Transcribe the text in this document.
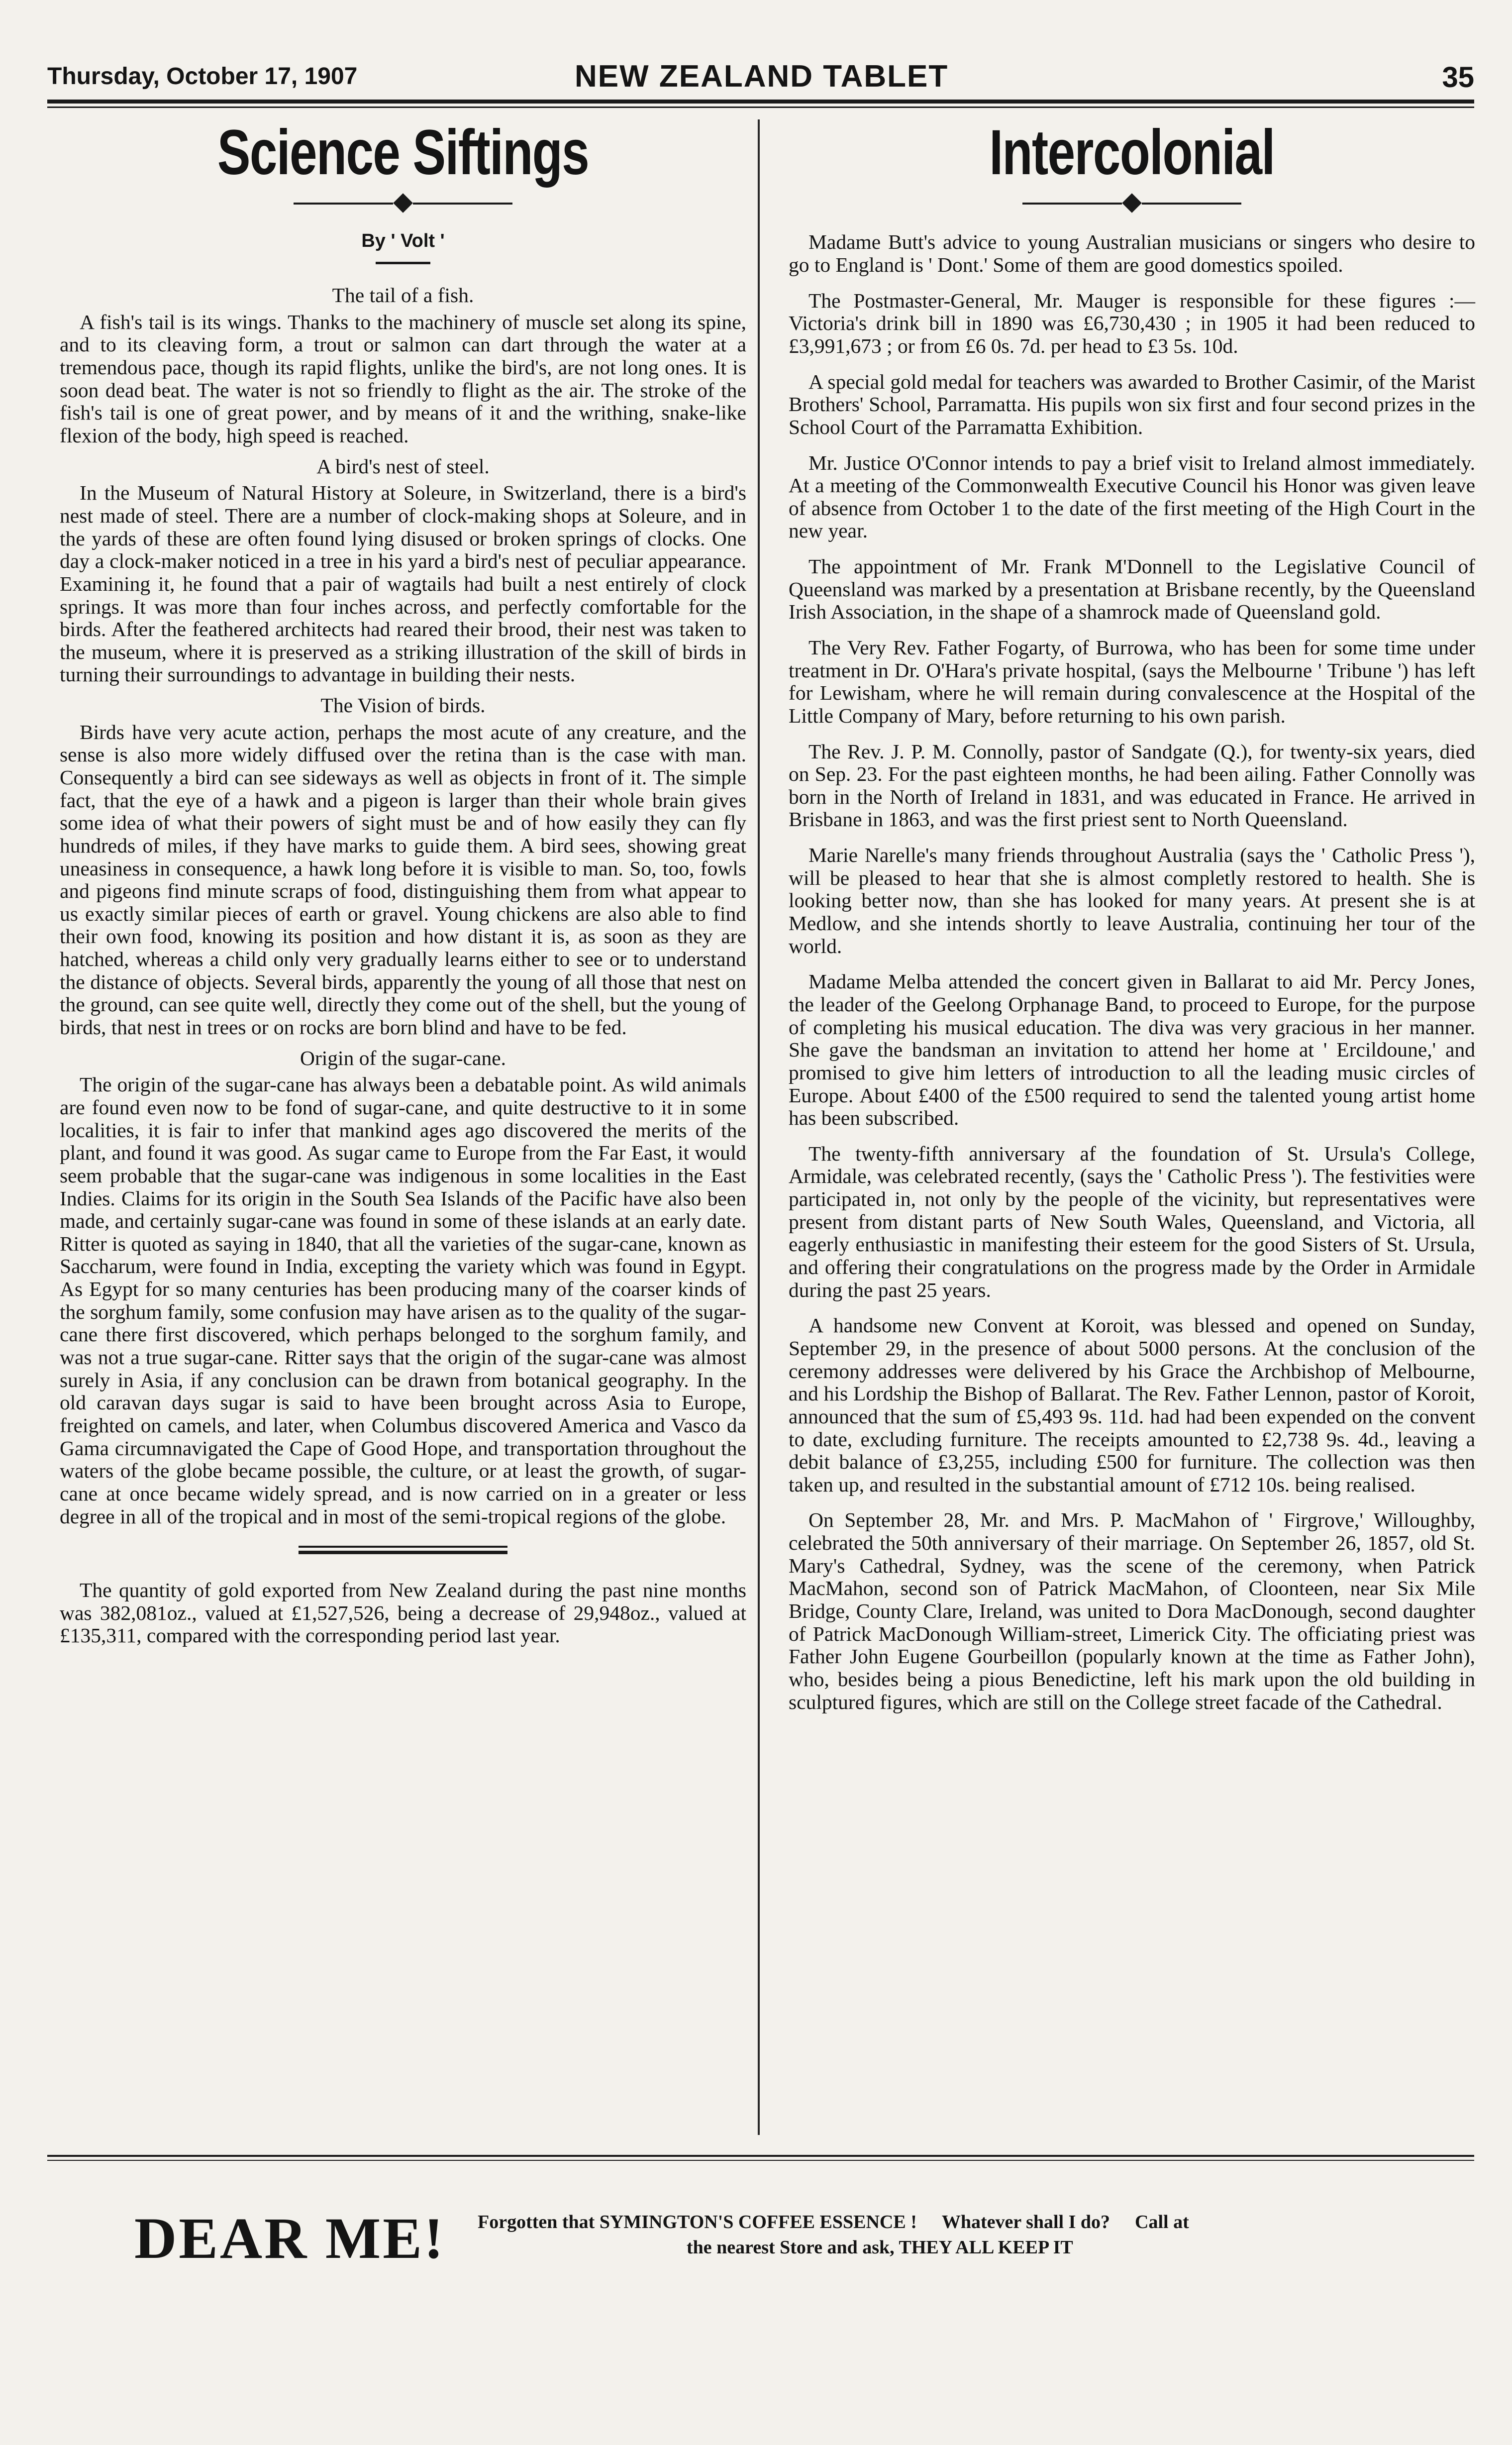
Thursday, October 17, 1907	NEW ZEALAND TABLET	35
Science Siftings
By ' Volt '
The tail of a fish.

A fish's tail is its wings. Thanks to the machinery of muscle set along its spine, and to its cleaving form, a trout or salmon can dart through the water at a tremendous pace, though its rapid flights, unlike the bird's, are not long ones. It is soon dead beat. The water is not so friendly to flight as the air. The stroke of the fish's tail is one of great power, and by means of it and the writhing, snake-like flexion of the body, high speed is reached.

A bird's nest of steel.

In the Museum of Natural History at Soleure, in Switzerland, there is a bird's nest made of steel. There are a number of clock-making shops at Soleure, and in the yards of these are often found lying disused or broken springs of clocks. One day a clock-maker noticed in a tree in his yard a bird's nest of peculiar appearance. Examining it, he found that a pair of wagtails had built a nest entirely of clock springs. It was more than four inches across, and perfectly comfortable for the birds. After the feathered architects had reared their brood, their nest was taken to the museum, where it is preserved as a striking illustration of the skill of birds in turning their surroundings to advantage in building their nests.

The Vision of birds.

Birds have very acute action, perhaps the most acute of any creature, and the sense is also more widely diffused over the retina than is the case with man. Consequently a bird can see sideways as well as objects in front of it. The simple fact, that the eye of a hawk and a pigeon is larger than their whole brain gives some idea of what their powers of sight must be and of how easily they can fly hundreds of miles, if they have marks to guide them. A bird sees, showing great uneasiness in consequence, a hawk long before it is visible to man. So, too, fowls and pigeons find minute scraps of food, distinguishing them from what appear to us exactly similar pieces of earth or gravel. Young chickens are also able to find their own food, knowing its position and how distant it is, as soon as they are hatched, whereas a child only very gradually learns either to see or to understand the distance of objects. Several birds, apparently the young of all those that nest on the ground, can see quite well, directly they come out of the shell, but the young of birds, that nest in trees or on rocks are born blind and have to be fed.

Origin of the sugar-cane.

The origin of the sugar-cane has always been a debatable point. As wild animals are found even now to be fond of sugar-cane, and quite destructive to it in some localities, it is fair to infer that mankind ages ago discovered the merits of the plant, and found it was good. As sugar came to Europe from the Far East, it would seem probable that the sugar-cane was indigenous in some localities in the East Indies. Claims for its origin in the South Sea Islands of the Pacific have also been made, and certainly sugar-cane was found in some of these islands at an early date. Ritter is quoted as saying in 1840, that all the varieties of the sugar-cane, known as Saccharum, were found in India, excepting the variety which was found in Egypt. As Egypt for so many centuries has been producing many of the coarser kinds of the sorghum family, some confusion may have arisen as to the quality of the sugar-cane there first discovered, which perhaps belonged to the sorghum family, and was not a true sugar-cane. Ritter says that the origin of the sugar-cane was almost surely in Asia, if any conclusion can be drawn from botanical geography. In the old caravan days sugar is said to have been brought across Asia to Europe, freighted on camels, and later, when Columbus discovered America and Vasco da Gama circumnavigated the Cape of Good Hope, and transportation throughout the waters of the globe became possible, the culture, or at least the growth, of sugar-cane at once became widely spread, and is now carried on in a greater or less degree in all of the tropical and in most of the semi-tropical regions of the globe.

The quantity of gold exported from New Zealand during the past nine months was 382,081oz., valued at £1,527,526, being a decrease of 29,948oz., valued at £135,311, compared with the corresponding period last year.

Intercolonial

Madame Butt's advice to young Australian musicians or singers who desire to go to England is ' Dont.' Some of them are good domestics spoiled.

The Postmaster-General, Mr. Mauger is responsible for these figures :—Victoria's drink bill in 1890 was £6,730,430 ; in 1905 it had been reduced to £3,991,673 ; or from £6 0s. 7d. per head to £3 5s. 10d.

A special gold medal for teachers was awarded to Brother Casimir, of the Marist Brothers' School, Parramatta. His pupils won six first and four second prizes in the School Court of the Parramatta Exhibition.

Mr. Justice O'Connor intends to pay a brief visit to Ireland almost immediately. At a meeting of the Commonwealth Executive Council his Honor was given leave of absence from October 1 to the date of the first meeting of the High Court in the new year.

The appointment of Mr. Frank M'Donnell to the Legislative Council of Queensland was marked by a presentation at Brisbane recently, by the Queensland Irish Association, in the shape of a shamrock made of Queensland gold.

The Very Rev. Father Fogarty, of Burrowa, who has been for some time under treatment in Dr. O'Hara's private hospital, (says the Melbourne ' Tribune ') has left for Lewisham, where he will remain during convalescence at the Hospital of the Little Company of Mary, before returning to his own parish.

The Rev. J. P. M. Connolly, pastor of Sandgate (Q.), for twenty-six years, died on Sep. 23. For the past eighteen months, he had been ailing. Father Connolly was born in the North of Ireland in 1831, and was educated in France. He arrived in Brisbane in 1863, and was the first priest sent to North Queensland.

Marie Narelle's many friends throughout Australia (says the ' Catholic Press '), will be pleased to hear that she is almost completly restored to health. She is looking better now, than she has looked for many years. At present she is at Medlow, and she intends shortly to leave Australia, continuing her tour of the world.

Madame Melba attended the concert given in Ballarat to aid Mr. Percy Jones, the leader of the Geelong Orphanage Band, to proceed to Europe, for the purpose of completing his musical education. The diva was very gracious in her manner. She gave the bandsman an invitation to attend her home at ' Ercildoune,' and promised to give him letters of introduction to all the leading music circles of Europe. About £400 of the £500 required to send the talented young artist home has been subscribed.

The twenty-fifth anniversary af the foundation of St. Ursula's College, Armidale, was celebrated recently, (says the ' Catholic Press '). The festivities were participated in, not only by the people of the vicinity, but representatives were present from distant parts of New South Wales, Queensland, and Victoria, all eagerly enthusiastic in manifesting their esteem for the good Sisters of St. Ursula, and offering their congratulations on the progress made by the Order in Armidale during the past 25 years.

A handsome new Convent at Koroit, was blessed and opened on Sunday, September 29, in the presence of about 5000 persons. At the conclusion of the ceremony addresses were delivered by his Grace the Archbishop of Melbourne, and his Lordship the Bishop of Ballarat. The Rev. Father Lennon, pastor of Koroit, announced that the sum of £5,493 9s. 11d. had had been expended on the convent to date, excluding furniture. The receipts amounted to £2,738 9s. 4d., leaving a debit balance of £3,255, including £500 for furniture. The collection was then taken up, and resulted in the substantial amount of £712 10s. being realised.

On September 28, Mr. and Mrs. P. MacMahon of ' Firgrove,' Willoughby, celebrated the 50th anniversary of their marriage. On September 26, 1857, old St. Mary's Cathedral, Sydney, was the scene of the ceremony, when Patrick MacMahon, second son of Patrick MacMahon, of Cloonteen, near Six Mile Bridge, County Clare, Ireland, was united to Dora MacDonough, second daughter of Patrick MacDonough William-street, Limerick City. The officiating priest was Father John Eugene Gourbeillon (popularly known at the time as Father John), who, besides being a pious Benedictine, left his mark upon the old building in sculptured figures, which are still on the College street facade of the Cathedral.

DEAR ME! Forgotten that SYMINGTON'S COFFEE ESSENCE ! Whatever shall I do? Call at
the nearest Store and ask, THEY ALL KEEP IT
